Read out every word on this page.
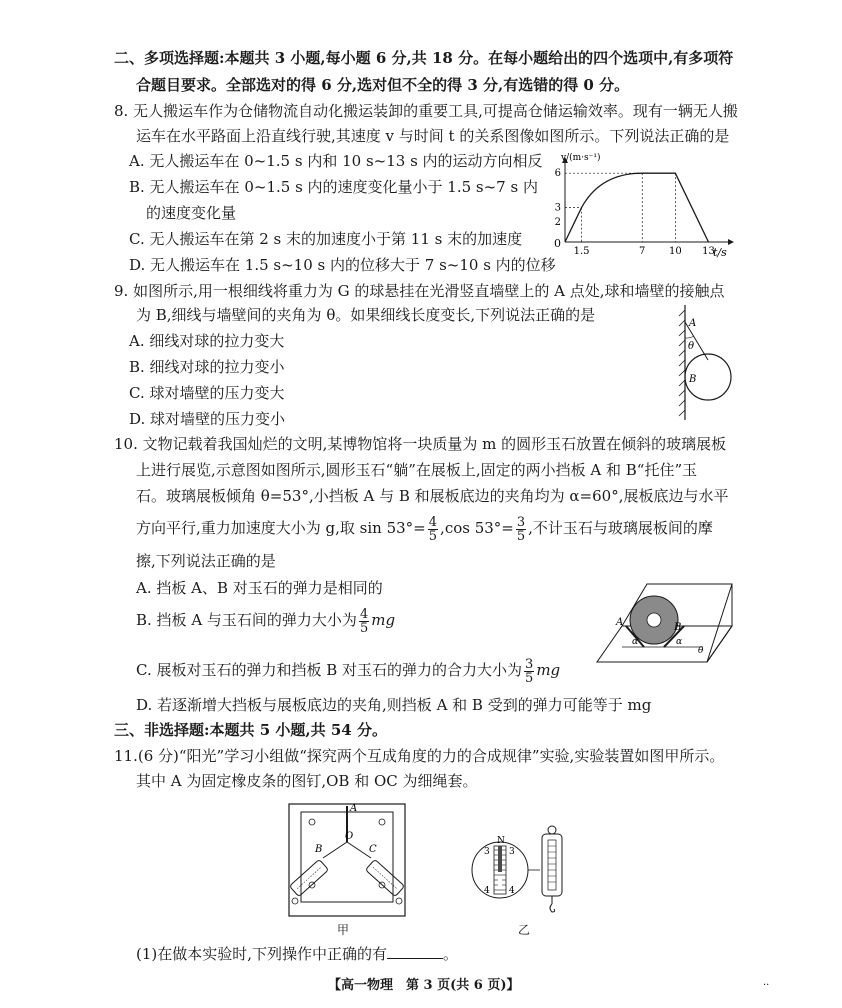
二、多项选择题:本题共 3 小题,每小题 6 分,共 18 分。在每小题给出的四个选项中,有多项符
合题目要求。全部选对的得 6 分,选对但不全的得 3 分,有选错的得 0 分。
8. 无人搬运车作为仓储物流自动化搬运装卸的重要工具,可提高仓储运输效率。现有一辆无人搬
运车在水平路面上沿直线行驶,其速度 v 与时间 t 的关系图像如图所示。下列说法正确的是
A. 无人搬运车在 0~1.5 s 内和 10 s~13 s 内的运动方向相反
B. 无人搬运车在 0~1.5 s 内的速度变化量小于 1.5 s~7 s 内
的速度变化量
C. 无人搬运车在第 2 s 末的加速度小于第 11 s 末的加速度
D. 无人搬运车在 1.5 s~10 s 内的位移大于 7 s~10 s 内的位移
v/(m·s⁻¹)
t/s
0
6
3
2
1.5	7 10 13
9. 如图所示,用一根细线将重力为 G 的球悬挂在光滑竖直墙壁上的 A 点处,球和墙壁的接触点
为 B,细线与墙壁间的夹角为 θ。如果细线长度变长,下列说法正确的是
A. 细线对球的拉力变大
B. 细线对球的拉力变小
C. 球对墙壁的压力变大
D. 球对墙壁的压力变小
A
θ
B
10. 文物记载着我国灿烂的文明,某博物馆将一块质量为 m 的圆形玉石放置在倾斜的玻璃展板
上进行展览,示意图如图所示,圆形玉石“躺”在展板上,固定的两小挡板 A 和 B“托住”玉
石。玻璃展板倾角 θ=53°,小挡板 A 与 B 和展板底边的夹角均为 α=60°,展板底边与水平
方向平行,重力加速度大小为 g,取 $\sin 53^\circ= \frac{4}{5} ,\cos$ $53^\circ= \frac{3}{5}$ ,不计玉石与玻璃展板间的摩
擦,下列说法正确的是
A. 挡板 A、B 对玉石的弹力是相同的
B. 挡板 A 与玉石间的弹力大小为 $\frac{4}{5}$ mg
C. 展板对玉石的弹力和挡板 B 对玉石的弹力的合力大小为 $\frac{3}{5}$ mg
D. 若逐渐增大挡板与展板底边的夹角,则挡板 A 和 B 受到的弹力可能等于 mg
A	B
α	α
θ
三、非选择题:本题共 5 小题,共 54 分。
11.(6 分)“阳光”学习小组做“探究两个互成角度的力的合成规律”实验,实验装置如图甲所示。
其中 A 为固定橡皮条的图钉,OB 和 OC 为细绳套。
A
O
B	C
甲
N
3 3
4 4
乙
(1)在做本实验时,下列操作中正确的有	。
【高一物理　第 3 页(共 6 页)】	··
